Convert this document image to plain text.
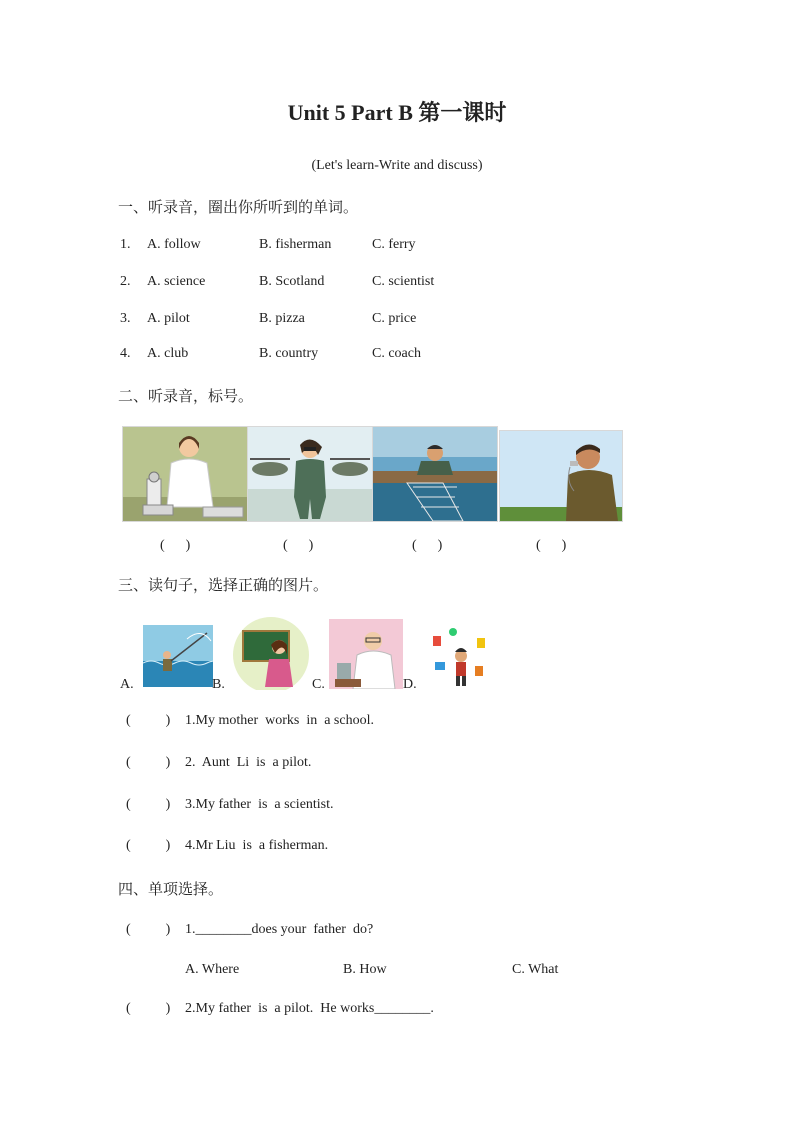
Unit 5 Part B 第一课时
(Let's learn-Write and discuss)
一、听录音，圈出你所听到的单词。
1. A. follow	B. fisherman	C. ferry
2. A. science	B. Scotland	C. scientist
3. A. pilot	B. pizza	C. price
4. A. club	B. country	C. coach
二、听录音，标号。
(      )	(      )	(      )	(      )
三、读句子，选择正确的图片。
A.	B.	C.	D.
(          ) 1.My mother  works  in  a school.
(          ) 2.  Aunt  Li  is  a pilot.
(          ) 3.My father  is  a scientist.
(          ) 4.Mr Liu  is  a fisherman.
四、单项选择。
(          ) 1.________does your  father  do?
A. Where	B. How	C. What
(          ) 2.My father  is  a pilot.  He works________.
